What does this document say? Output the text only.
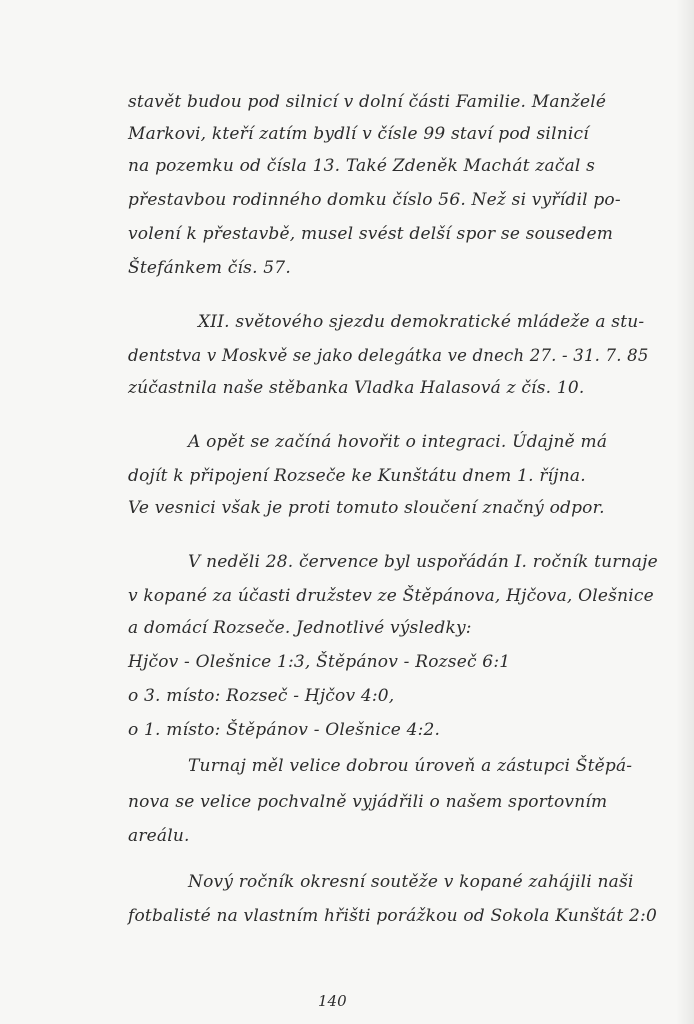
stavět budou pod silnicí v dolní části Familie. Manželé
Markovi, kteří zatím bydlí v čísle 99 staví pod silnicí
na pozemku od čísla 13. Také Zdeněk Machát začal s
přestavbou rodinného domku číslo 56. Než si vyřídil po-
volení k přestavbě, musel svést delší spor se sousedem
Štefánkem čís. 57.
XII. světového sjezdu demokratické mládeže a stu-
dentstva v Moskvě se jako delegátka ve dnech 27. - 31. 7. 85
zúčastnila naše stěbanka Vladka Halasová z čís. 10.
A opět se začíná hovořit o integraci. Údajně má
dojít k připojení Rozseče ke Kunštátu dnem 1. října.
Ve vesnici však je proti tomuto sloučení značný odpor.
V neděli 28. července byl uspořádán I. ročník turnaje
v kopané za účasti družstev ze Štěpánova, Hjčova, Olešnice
a domácí Rozseče. Jednotlivé výsledky:
Hjčov - Olešnice 1:3, Štěpánov - Rozseč 6:1
o 3. místo: Rozseč - Hjčov 4:0,
o 1. místo: Štěpánov - Olešnice 4:2.
Turnaj měl velice dobrou úroveň a zástupci Štěpá-
nova se velice pochvalně vyjádřili o našem sportovním
areálu.
Nový ročník okresní soutěže v kopané zahájili naši
fotbalisté na vlastním hřišti porážkou od Sokola Kunštát 2:0
140
